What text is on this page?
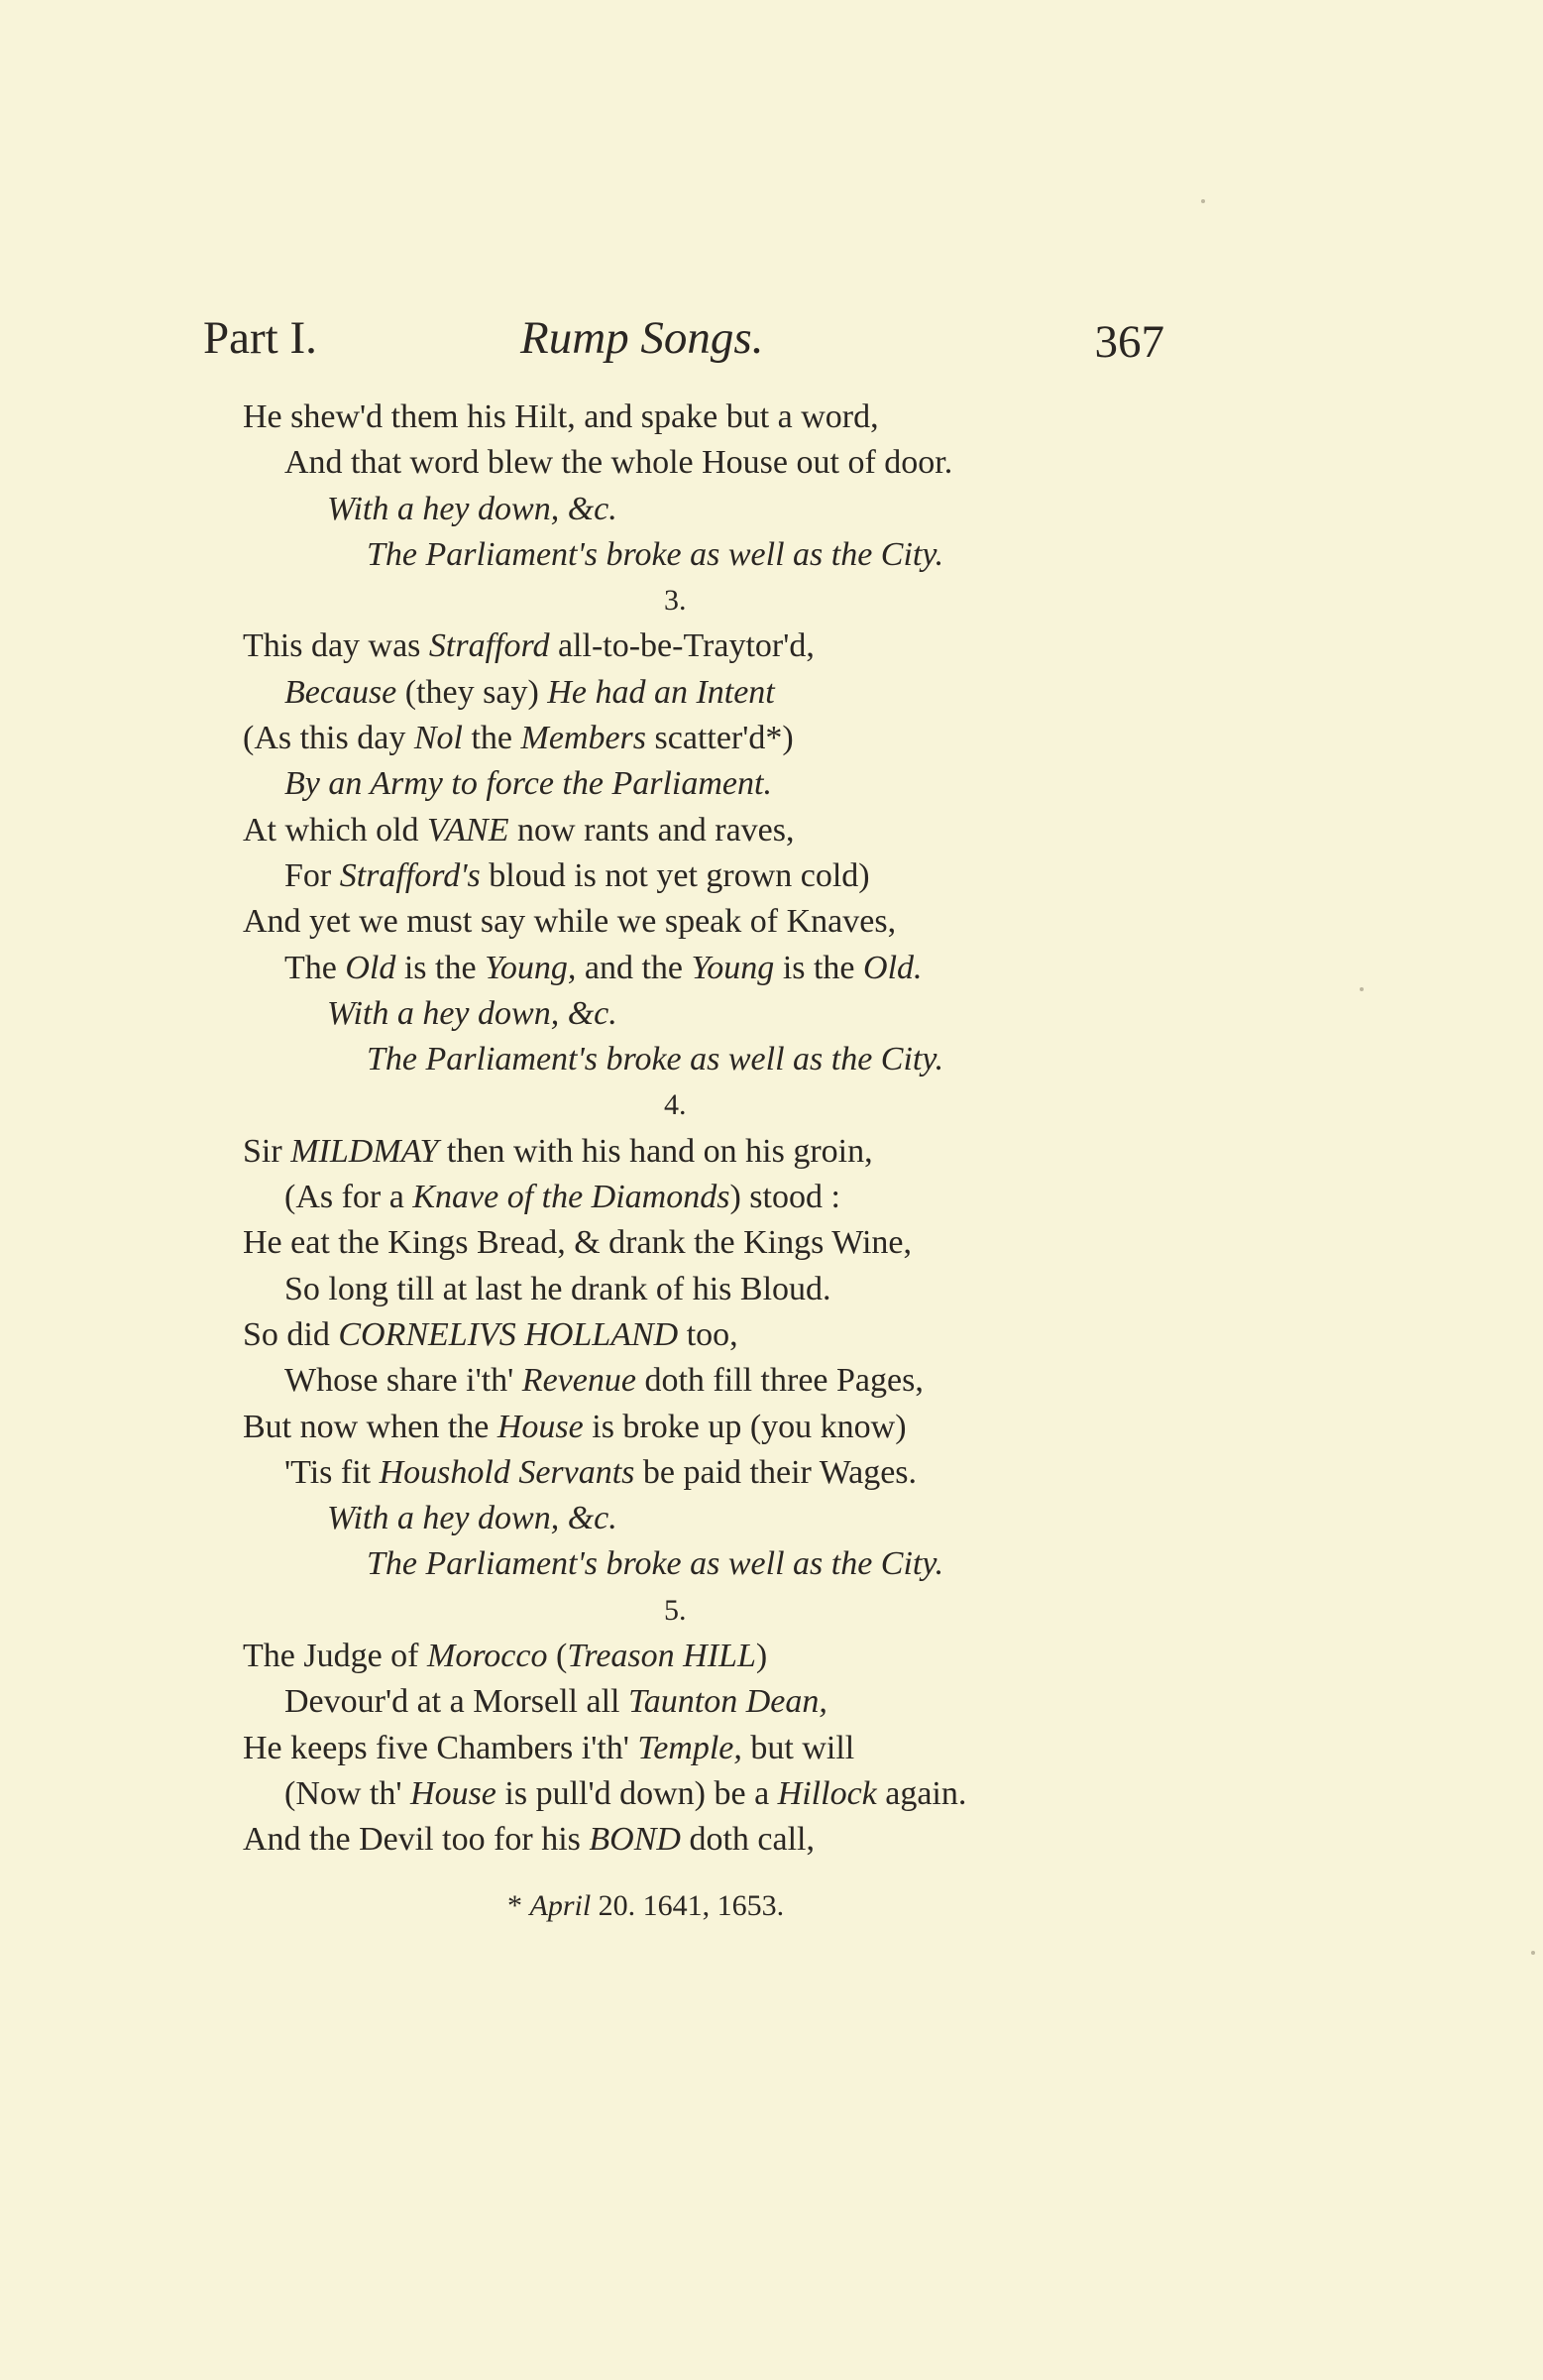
Part I.	Rump Songs.	367
He shew'd them his Hilt, and spake but a word,
And that word blew the whole House out of door.
With a hey down, &c.
The Parliament's broke as well as the City.
3.
This day was Strafford all-to-be-Traytor'd,
Because (they say) He had an Intent
(As this day Nol the Members scatter'd*)
By an Army to force the Parliament.
At which old VANE now rants and raves,
For Strafford's bloud is not yet grown cold)
And yet we must say while we speak of Knaves,
The Old is the Young, and the Young is the Old.
With a hey down, &c.
The Parliament's broke as well as the City.
4.
Sir MILDMAY then with his hand on his groin,
(As for a Knave of the Diamonds) stood :
He eat the Kings Bread, & drank the Kings Wine,
So long till at last he drank of his Bloud.
So did CORNELIVS HOLLAND too,
Whose share i'th' Revenue doth fill three Pages,
But now when the House is broke up (you know)
'Tis fit Houshold Servants be paid their Wages.
With a hey down, &c.
The Parliament's broke as well as the City.
5.
The Judge of Morocco (Treason HILL)
Devour'd at a Morsell all Taunton Dean,
He keeps five Chambers i'th' Temple, but will
(Now th' House is pull'd down) be a Hillock again.
And the Devil too for his BOND doth call,
* April 20. 1641, 1653.
